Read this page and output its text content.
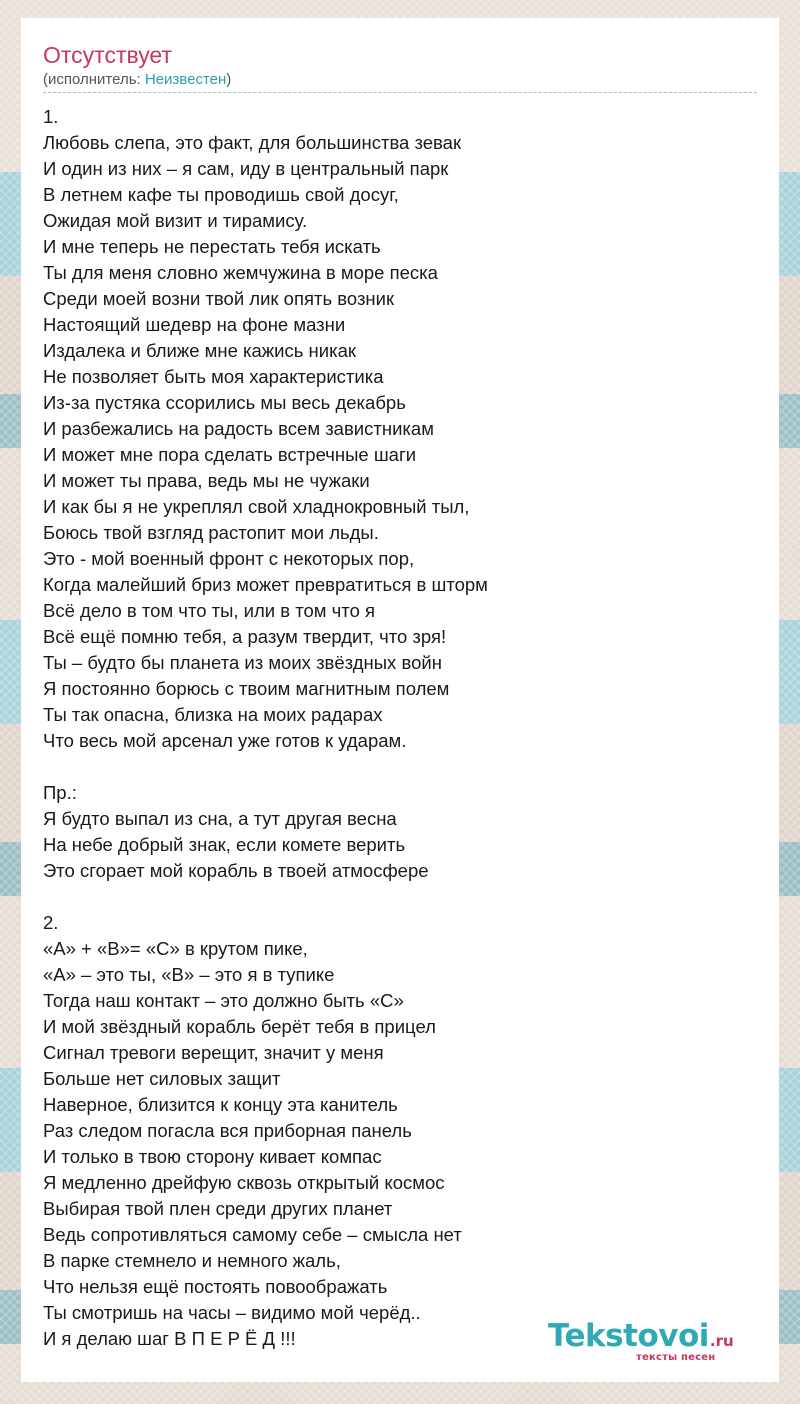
Отсутствует
(исполнитель: Неизвестен)
1.
Любовь слепа, это факт, для большинства зевак
И один из них – я сам, иду в центральный парк
В летнем кафе ты проводишь свой досуг,
Ожидая мой визит и тирамису.
И мне теперь не перестать тебя искать
Ты для меня словно жемчужина в море песка
Среди моей возни твой лик опять возник
Настоящий шедевр на фоне мазни
Издалека и ближе мне кажись никак
Не позволяет быть моя характеристика
Из-за пустяка ссорились мы весь декабрь
И разбежались на радость всем завистникам
И может мне пора сделать встречные шаги
И может ты права, ведь мы не чужаки
И как бы я не укреплял свой хладнокровный тыл,
Боюсь твой взгляд растопит мои льды.
Это - мой военный фронт с некоторых пор,
Когда малейший бриз может превратиться в шторм
Всё дело в том что ты, или в том что я
Всё ещё помню тебя, а разум твердит, что зря!
Ты – будто бы планета из моих звёздных войн
Я постоянно борюсь с твоим магнитным полем
Ты так опасна, близка на моих радарах
Что весь мой арсенал уже готов к ударам.
Пр.:
Я будто выпал из сна, а тут другая весна
На небе добрый знак, если комете верить
Это сгорает мой корабль в твоей атмосфере
2.
«A» + «B»= «C» в крутом пике,
«A» – это ты, «B» – это я в тупике
Тогда наш контакт – это должно быть «C»
И мой звёздный корабль берёт тебя в прицел
Сигнал тревоги верещит, значит у меня
Больше нет силовых защит
Наверное, близится к концу эта канитель
Раз следом погасла вся приборная панель
И только в твою сторону кивает компас
Я медленно дрейфую сквозь открытый космос
Выбирая твой плен среди других планет
Ведь сопротивляться самому себе – смысла нет
В парке стемнело и немного жаль,
Что нельзя ещё постоять повоображать
Ты смотришь на часы – видимо мой черёд..
И я делаю шаг В П Е Р Ё Д !!!	Tekstovoi.ru
тексты песен
